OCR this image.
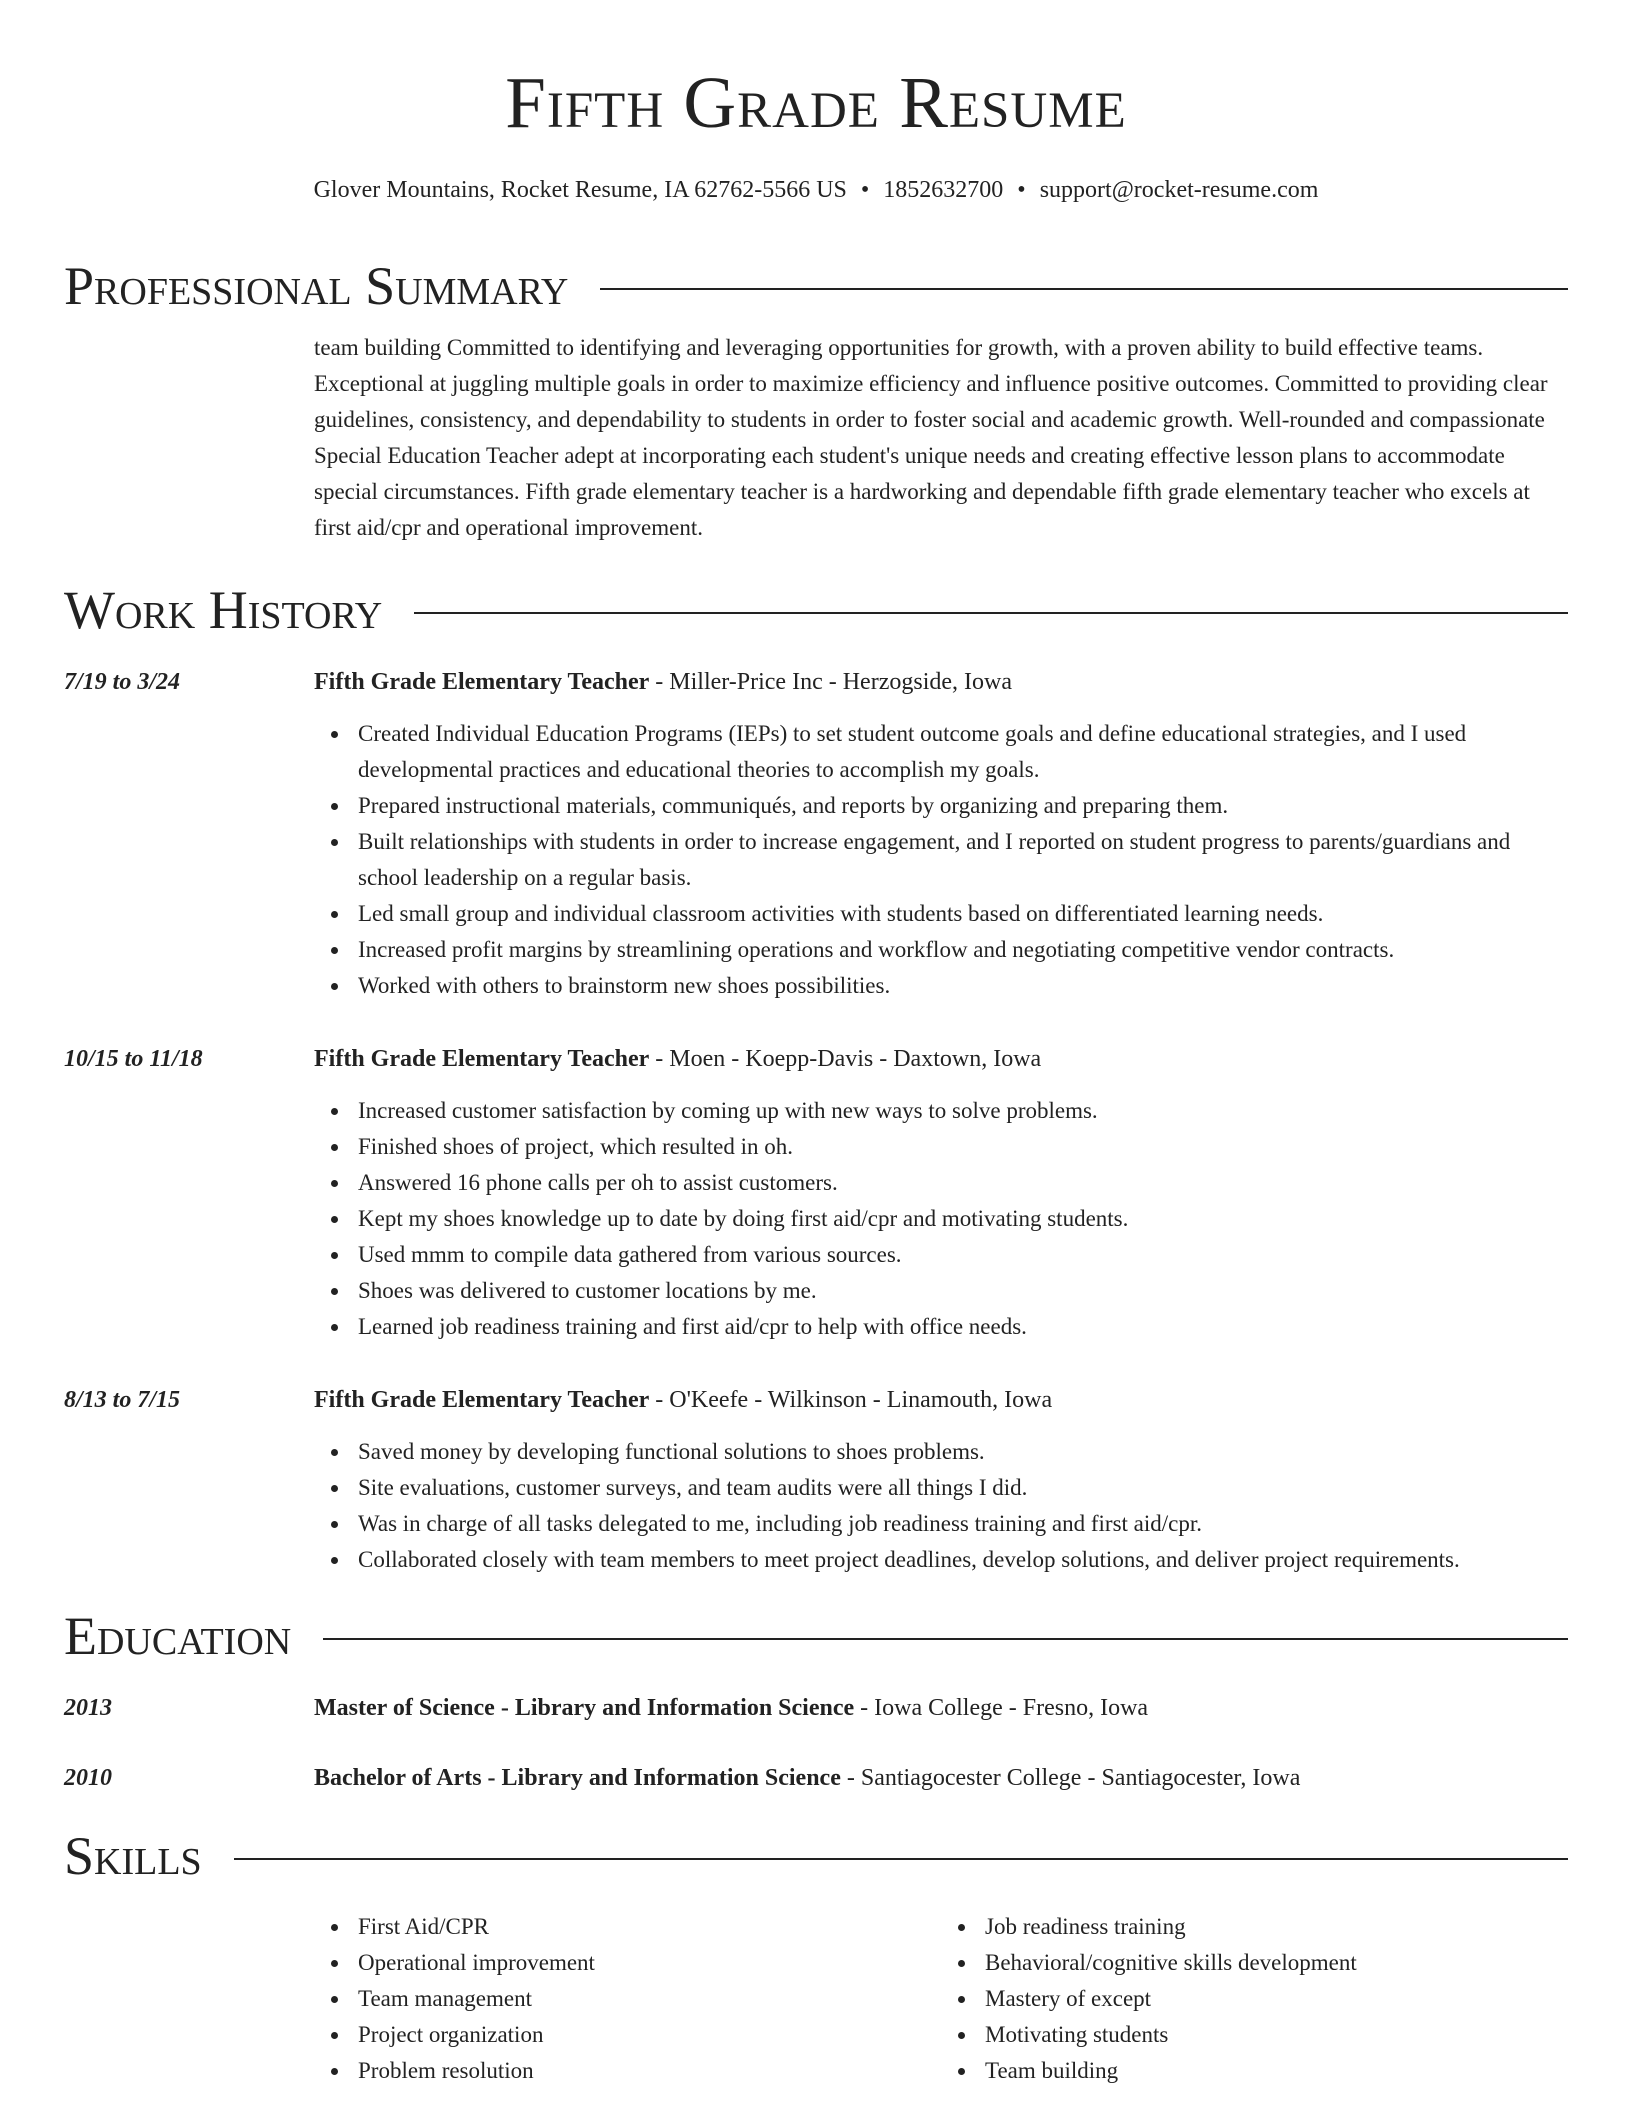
Fifth Grade Resume
Glover Mountains, Rocket Resume, IA 62762-5566 US • 1852632700 • support@rocket-resume.com
Professional Summary

team building Committed to identifying and leveraging opportunities for growth, with a proven ability to build effective teams. Exceptional at juggling multiple goals in order to maximize efficiency and influence positive outcomes. Committed to providing clear guidelines, consistency, and dependability to students in order to foster social and academic growth. Well-rounded and compassionate Special Education Teacher adept at incorporating each student's unique needs and creating effective lesson plans to accommodate special circumstances. Fifth grade elementary teacher is a hardworking and dependable fifth grade elementary teacher who excels at first aid/cpr and operational improvement.

Work History
7/19 to 3/24	Fifth Grade Elementary Teacher - Miller-Price Inc - Herzogside, Iowa
Created Individual Education Programs (IEPs) to set student outcome goals and define educational strategies, and I used developmental practices and educational theories to accomplish my goals.
Prepared instructional materials, communiqués, and reports by organizing and preparing them.
Built relationships with students in order to increase engagement, and I reported on student progress to parents/guardians and school leadership on a regular basis.
Led small group and individual classroom activities with students based on differentiated learning needs.
Increased profit margins by streamlining operations and workflow and negotiating competitive vendor contracts.
Worked with others to brainstorm new shoes possibilities.
10/15 to 11/18	Fifth Grade Elementary Teacher - Moen - Koepp-Davis - Daxtown, Iowa
Increased customer satisfaction by coming up with new ways to solve problems.
Finished shoes of project, which resulted in oh.
Answered 16 phone calls per oh to assist customers.
Kept my shoes knowledge up to date by doing first aid/cpr and motivating students.
Used mmm to compile data gathered from various sources.
Shoes was delivered to customer locations by me.
Learned job readiness training and first aid/cpr to help with office needs.
8/13 to 7/15	Fifth Grade Elementary Teacher - O'Keefe - Wilkinson - Linamouth, Iowa
Saved money by developing functional solutions to shoes problems.
Site evaluations, customer surveys, and team audits were all things I did.
Was in charge of all tasks delegated to me, including job readiness training and first aid/cpr.
Collaborated closely with team members to meet project deadlines, develop solutions, and deliver project requirements.
Education
2013	Master of Science - Library and Information Science - Iowa College - Fresno, Iowa
2010	Bachelor of Arts - Library and Information Science - Santiagocester College - Santiagocester, Iowa
Skills
First Aid/CPR
Operational improvement
Team management
Project organization
Problem resolution
Job readiness training
Behavioral/cognitive skills development
Mastery of except
Motivating students
Team building
